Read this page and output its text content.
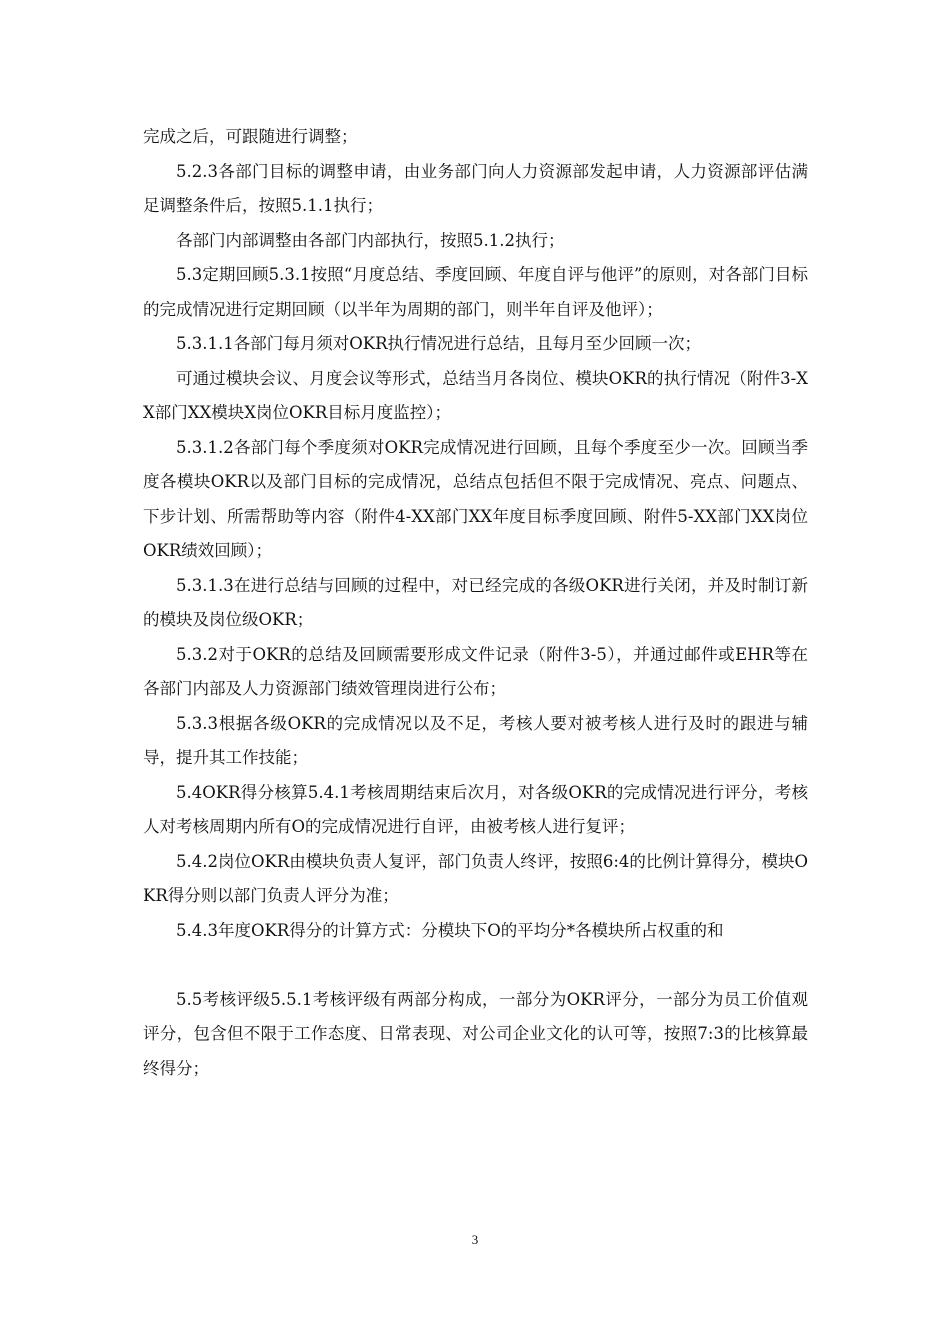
完成之后，可跟随进行调整；

5.2.3各部门目标的调整申请，由业务部门向人力资源部发起申请，人力资源部评估满足调整条件后，按照5.1.1执行；

各部门内部调整由各部门内部执行，按照5.1.2执行；

5.3定期回顾5.3.1按照“月度总结、季度回顾、年度自评与他评”的原则，对各部门目标的完成情况进行定期回顾（以半年为周期的部门，则半年自评及他评）；

5.3.1.1各部门每月须对OKR执行情况进行总结，且每月至少回顾一次；

可通过模块会议、月度会议等形式，总结当月各岗位、模块OKR的执行情况（附件3-XX部门XX模块X岗位OKR目标月度监控）；

5.3.1.2各部门每个季度须对OKR完成情况进行回顾，且每个季度至少一次。回顾当季度各模块OKR以及部门目标的完成情况，总结点包括但不限于完成情况、亮点、问题点、下步计划、所需帮助等内容（附件4-XX部门XX年度目标季度回顾、附件5-XX部门XX岗位OKR绩效回顾）；

5.3.1.3在进行总结与回顾的过程中，对已经完成的各级OKR进行关闭，并及时制订新的模块及岗位级OKR；

5.3.2对于OKR的总结及回顾需要形成文件记录（附件3-5），并通过邮件或EHR等在各部门内部及人力资源部门绩效管理岗进行公布；

5.3.3根据各级OKR的完成情况以及不足，考核人要对被考核人进行及时的跟进与辅导，提升其工作技能；

5.4OKR得分核算5.4.1考核周期结束后次月，对各级OKR的完成情况进行评分，考核人对考核周期内所有O的完成情况进行自评，由被考核人进行复评；

5.4.2岗位OKR由模块负责人复评，部门负责人终评，按照6:4的比例计算得分，模块OKR得分则以部门负责人评分为准；

5.4.3年度OKR得分的计算方式：分模块下O的平均分*各模块所占权重的和

5.5考核评级5.5.1考核评级有两部分构成，一部分为OKR评分，一部分为员工价值观评分，包含但不限于工作态度、日常表现、对公司企业文化的认可等，按照7:3的比核算最终得分；

3
